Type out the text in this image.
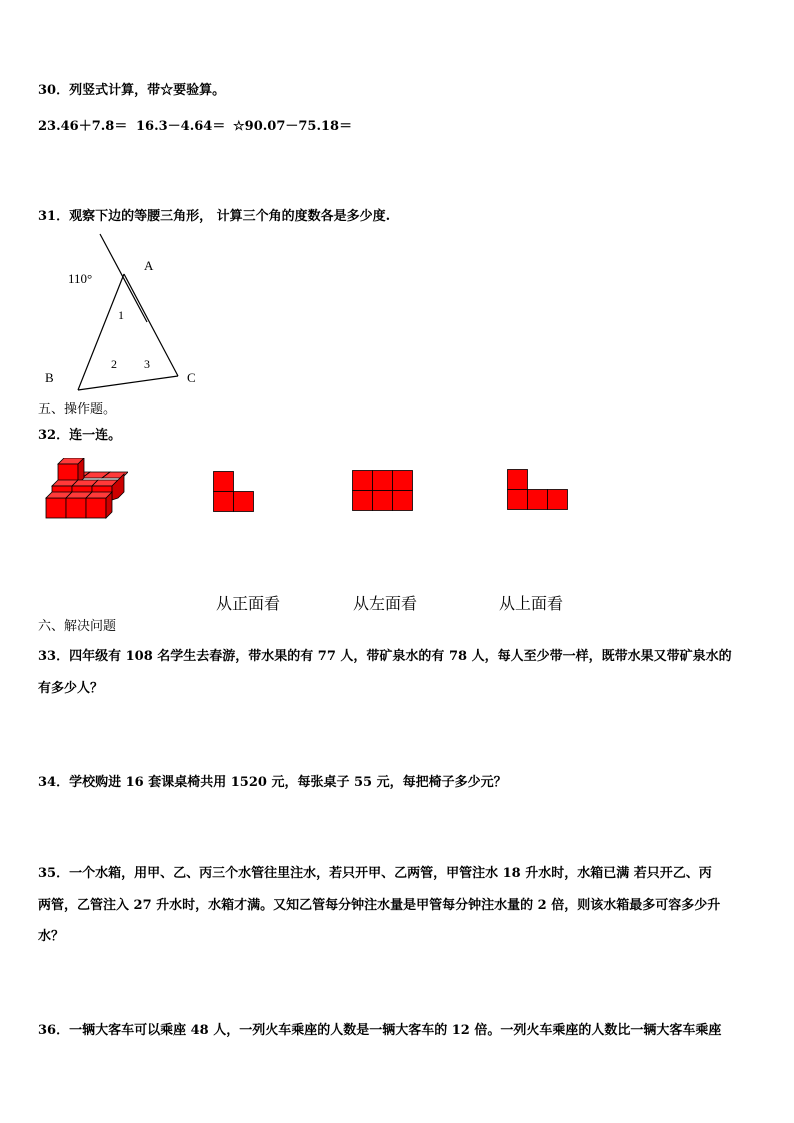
30．列竖式计算，带☆要验算。
23.46＋7.8＝ 16.3－4.64＝ ☆90.07－75.18＝
31．观察下边的等腰三角形， 计算三个角的度数各是多少度.
110°
A
B	C
1
2 3
五、操作题。
32．连一连。
从正面看	从左面看	从上面看
六、解决问题
33．四年级有 108 名学生去春游，带水果的有 77 人，带矿泉水的有 78 人，每人至少带一样，既带水果又带矿泉水的
有多少人？
34．学校购进 16 套课桌椅共用 1520 元，每张桌子 55 元，每把椅子多少元？
35．一个水箱，用甲、乙、丙三个水管往里注水，若只开甲、乙两管，甲管注水 18 升水时，水箱已满 若只开乙、丙
两管，乙管注入 27 升水时，水箱才满。又知乙管每分钟注水量是甲管每分钟注水量的 2 倍，则该水箱最多可容多少升
水？
36．一辆大客车可以乘座 48 人，一列火车乘座的人数是一辆大客车的 12 倍。一列火车乘座的人数比一辆大客车乘座
